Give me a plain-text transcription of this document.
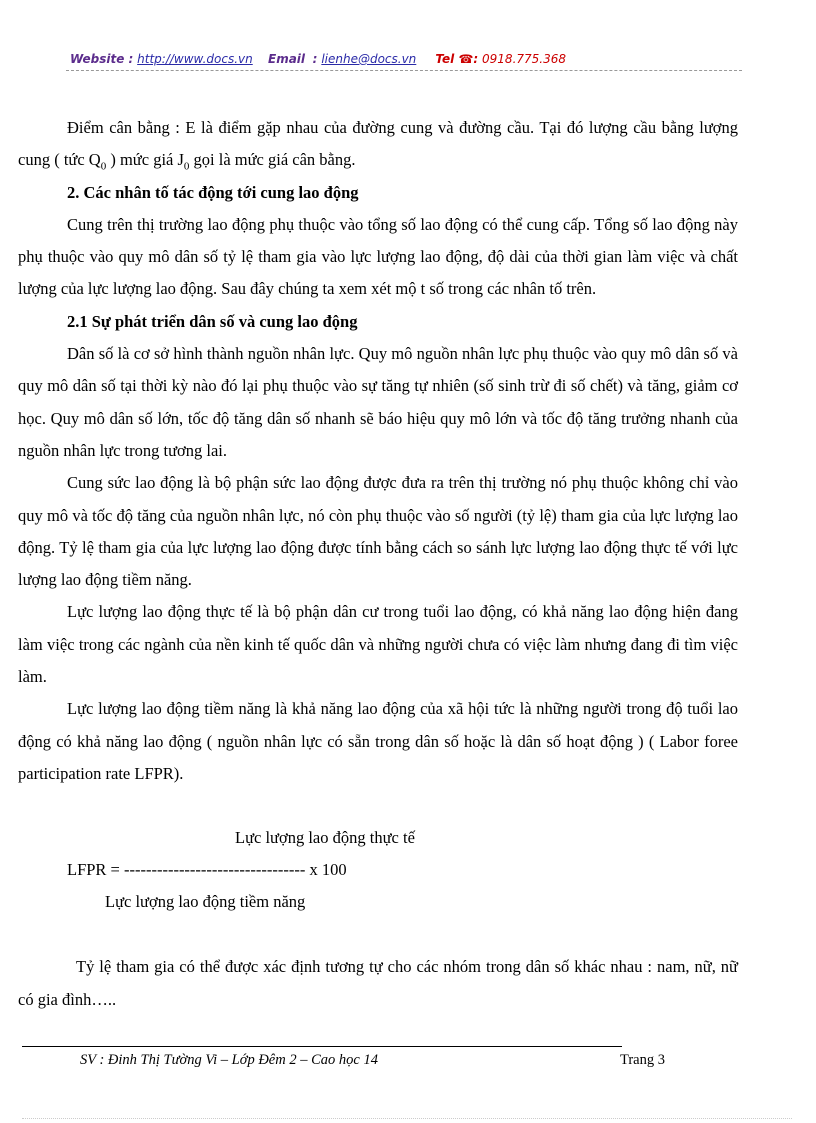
Website : http://www.docs.vn Email : lienhe@docs.vn Tel ☎: 0918.775.368

Điểm cân bằng : E là điểm gặp nhau của đường cung và đường cầu. Tại đó lượng cầu bằng lượng cung ( tức $Q_0$ ) mức giá $J_0$ gọi là mức giá cân bằng.

2. Các nhân tố tác động tới cung lao động

Cung trên thị trường lao động phụ thuộc vào tổng số lao động có thể cung cấp. Tổng số lao động này phụ thuộc vào quy mô dân số tỷ lệ tham gia vào lực lượng lao động, độ dài của thời gian làm việc và chất lượng của lực lượng lao động. Sau đây chúng ta xem xét mộ t số trong các nhân tố trên.

2.1 Sự phát triển dân số và cung lao động

Dân số là cơ sở hình thành nguồn nhân lực. Quy mô nguồn nhân lực phụ thuộc vào quy mô dân số và quy mô dân số tại thời kỳ nào đó lại phụ thuộc vào sự tăng tự nhiên (số sinh trừ đi số chết) và tăng, giảm cơ học. Quy mô dân số lớn, tốc độ tăng dân số nhanh sẽ báo hiệu quy mô lớn và tốc độ tăng trưởng nhanh của nguồn nhân lực trong tương lai.

Cung sức lao động là bộ phận sức lao động được đưa ra trên thị trường nó phụ thuộc không chỉ vào quy mô và tốc độ tăng của nguồn nhân lực, nó còn phụ thuộc vào số người (tỷ lệ) tham gia của lực lượng lao động. Tỷ lệ tham gia của lực lượng lao động được tính bằng cách so sánh lực lượng lao động thực tế với lực lượng lao động tiềm năng.

Lực lượng lao động thực tế là bộ phận dân cư trong tuổi lao động, có khả năng lao động hiện đang làm việc trong các ngành của nền kinh tế quốc dân và những người chưa có việc làm nhưng đang đi tìm việc làm.

Lực lượng lao động tiềm năng là khả năng lao động của xã hội tức là những người trong độ tuổi lao động có khả năng lao động ( nguồn nhân lực có sẵn trong dân số hoặc là dân số hoạt động ) ( Labor foree participation rate LFPR).

Lực lượng lao động thực tế
LFPR = --------------------------------- x 100
Lực lượng lao động tiềm năng

Tỷ lệ tham gia có thể được xác định tương tự cho các nhóm trong dân số khác nhau : nam, nữ, nữ có gia đình…..

SV : Đinh Thị Tường Vi – Lớp Đêm 2 – Cao học 14	Trang 3
